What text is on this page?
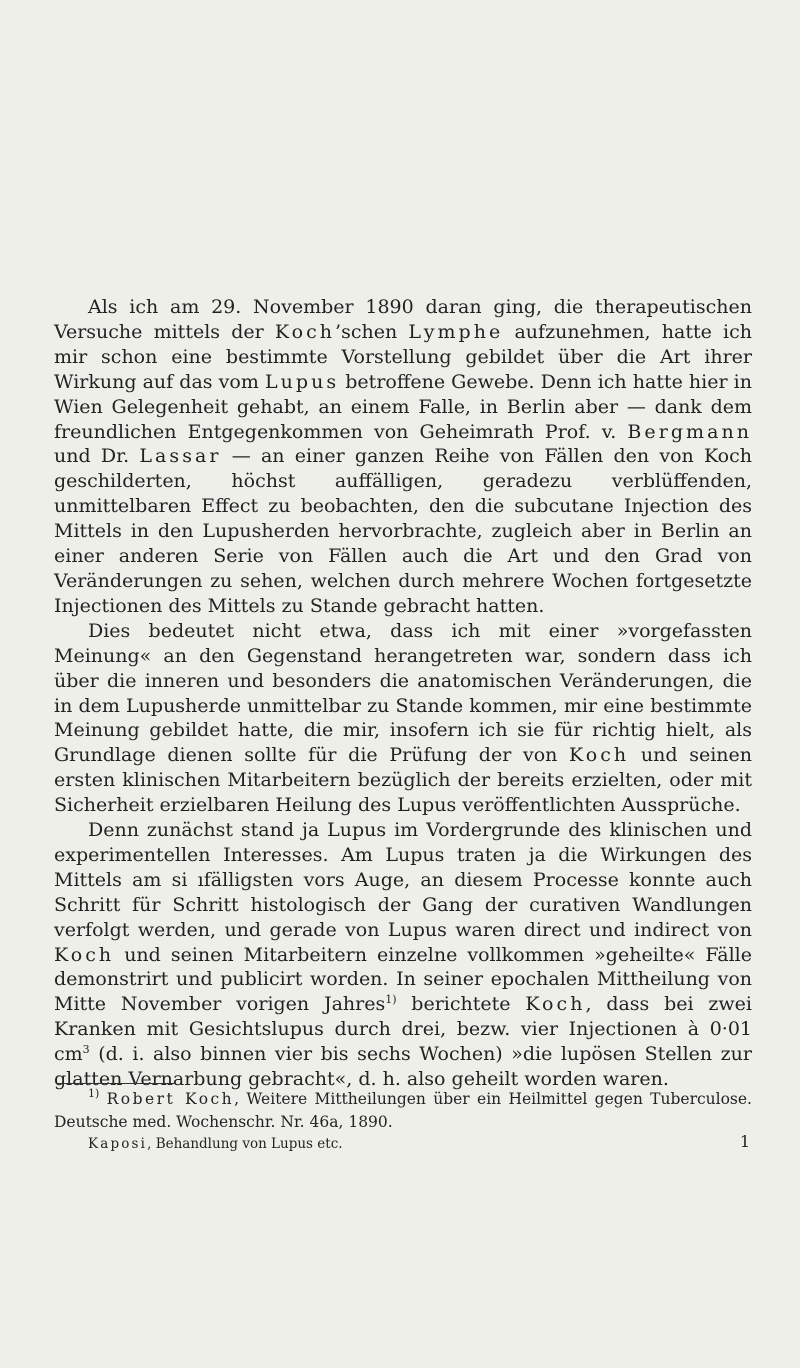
Als ich am 29. November 1890 daran ging, die therapeutischen Versuche mittels der Koch’schen Lymphe aufzunehmen, hatte ich mir schon eine bestimmte Vorstellung gebildet über die Art ihrer Wirkung auf das vom Lupus betroffene Gewebe. Denn ich hatte hier in Wien Gelegenheit gehabt, an einem Falle, in Berlin aber — dank dem freundlichen Entgegenkommen von Geheimrath Prof. v. Bergmann und Dr. Lassar — an einer ganzen Reihe von Fällen den von Koch geschilderten, höchst auffälligen, geradezu verblüffenden, unmittelbaren Effect zu beobachten, den die subcutane Injection des Mittels in den Lupusherden hervorbrachte, zugleich aber in Berlin an einer anderen Serie von Fällen auch die Art und den Grad von Veränderungen zu sehen, welchen durch mehrere Wochen fortgesetzte Injectionen des Mittels zu Stande gebracht hatten.

Dies bedeutet nicht etwa, dass ich mit einer »vorgefassten Meinung« an den Gegenstand herangetreten war, sondern dass ich über die inneren und besonders die anatomischen Veränderungen, die in dem Lupusherde unmittelbar zu Stande kommen, mir eine bestimmte Meinung gebildet hatte, die mir, insofern ich sie für richtig hielt, als Grundlage dienen sollte für die Prüfung der von Koch und seinen ersten klinischen Mitarbeitern bezüglich der bereits erzielten, oder mit Sicherheit erzielbaren Heilung des Lupus veröffentlichten Aussprüche.

Denn zunächst stand ja Lupus im Vordergrunde des klinischen und experimentellen Interesses. Am Lupus traten ja die Wirkungen des Mittels am si ıfälligsten vors Auge, an diesem Processe konnte auch Schritt für Schritt histologisch der Gang der curativen Wandlungen verfolgt werden, und gerade von Lupus waren direct und indirect von Koch und seinen Mitarbeitern einzelne vollkommen »geheilte« Fälle demonstrirt und publicirt worden. In seiner epochalen Mittheilung von Mitte November vorigen Jahres$^{1)}$ berichtete Koch, dass bei zwei Kranken mit Gesichtslupus durch drei, bezw. vier Injectionen à 0·01 $cm^3$ (d. i. also binnen vier bis sechs Wochen) »die lupösen Stellen zur glatten Vernarbung gebracht«, d. h. also geheilt worden waren.

$^{1)}$ Robert Koch, Weitere Mittheilungen über ein Heilmittel gegen Tuberculose. Deutsche med. Wochenschr. Nr. 46a, 1890.
Kaposi, Behandlung von Lupus etc.	1
